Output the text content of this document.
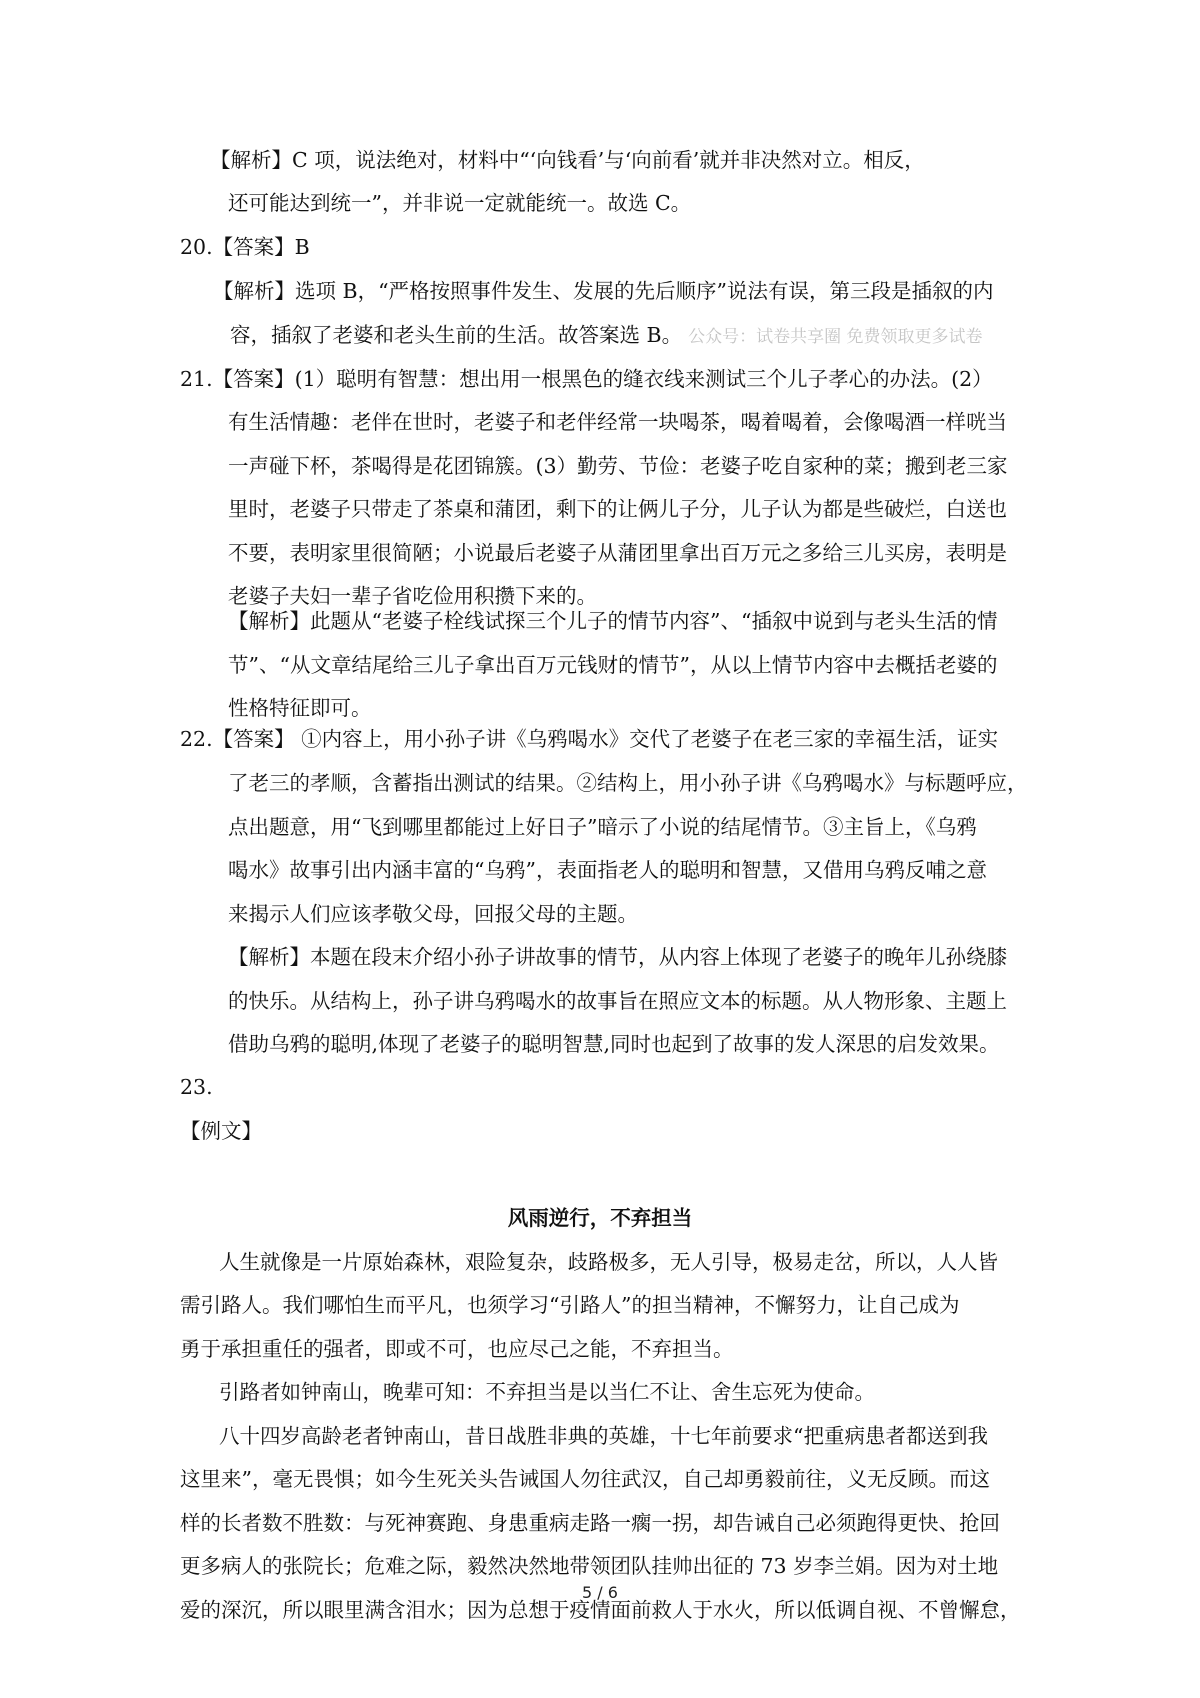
【解析】C 项，说法绝对，材料中“‘向钱看’与‘向前看’就并非决然对立。相反，
还可能达到统一”，并非说一定就能统一。故选 C。
20.【答案】B
【解析】选项 B，“严格按照事件发生、发展的先后顺序”说法有误，第三段是插叙的内
容，插叙了老婆和老头生前的生活。故答案选 B。 公众号：试卷共享圈 免费领取更多试卷
21.【答案】(1）聪明有智慧：想出用一根黑色的缝衣线来测试三个儿子孝心的办法。(2）
有生活情趣：老伴在世时，老婆子和老伴经常一块喝茶，喝着喝着，会像喝酒一样咣当
一声碰下杯，茶喝得是花团锦簇。(3）勤劳、节俭：老婆子吃自家种的菜；搬到老三家
里时，老婆子只带走了茶桌和蒲团，剩下的让俩儿子分，儿子认为都是些破烂，白送也
不要，表明家里很简陋；小说最后老婆子从蒲团里拿出百万元之多给三儿买房，表明是
老婆子夫妇一辈子省吃俭用积攒下来的。
【解析】此题从“老婆子栓线试探三个儿子的情节内容”、“插叙中说到与老头生活的情
节”、“从文章结尾给三儿子拿出百万元钱财的情节”，从以上情节内容中去概括老婆的
性格特征即可。
22.【答案】 ①内容上，用小孙子讲《乌鸦喝水》交代了老婆子在老三家的幸福生活，证实
了老三的孝顺，含蓄指出测试的结果。②结构上，用小孙子讲《乌鸦喝水》与标题呼应，
点出题意，用“飞到哪里都能过上好日子”暗示了小说的结尾情节。③主旨上，《乌鸦
喝水》故事引出内涵丰富的“乌鸦”，表面指老人的聪明和智慧，又借用乌鸦反哺之意
来揭示人们应该孝敬父母，回报父母的主题。
【解析】本题在段末介绍小孙子讲故事的情节，从内容上体现了老婆子的晚年儿孙绕膝
的快乐。从结构上，孙子讲乌鸦喝水的故事旨在照应文本的标题。从人物形象、主题上
借助乌鸦的聪明,体现了老婆子的聪明智慧,同时也起到了故事的发人深思的启发效果。
23.
【例文】
风雨逆行，不弃担当
人生就像是一片原始森林，艰险复杂，歧路极多，无人引导，极易走岔，所以，人人皆
需引路人。我们哪怕生而平凡，也须学习“引路人”的担当精神，不懈努力，让自己成为
勇于承担重任的强者，即或不可，也应尽己之能，不弃担当。
引路者如钟南山，晚辈可知：不弃担当是以当仁不让、舍生忘死为使命。
八十四岁高龄老者钟南山，昔日战胜非典的英雄，十七年前要求“把重病患者都送到我
这里来”，毫无畏惧；如今生死关头告诫国人勿往武汉，自己却勇毅前往，义无反顾。而这
样的长者数不胜数：与死神赛跑、身患重病走路一瘸一拐，却告诫自己必须跑得更快、抢回
更多病人的张院长；危难之际，毅然决然地带领团队挂帅出征的 73 岁李兰娟。因为对土地
爱的深沉，所以眼里满含泪水；因为总想于疫情面前救人于水火，所以低调自视、不曾懈怠，
5 / 6
